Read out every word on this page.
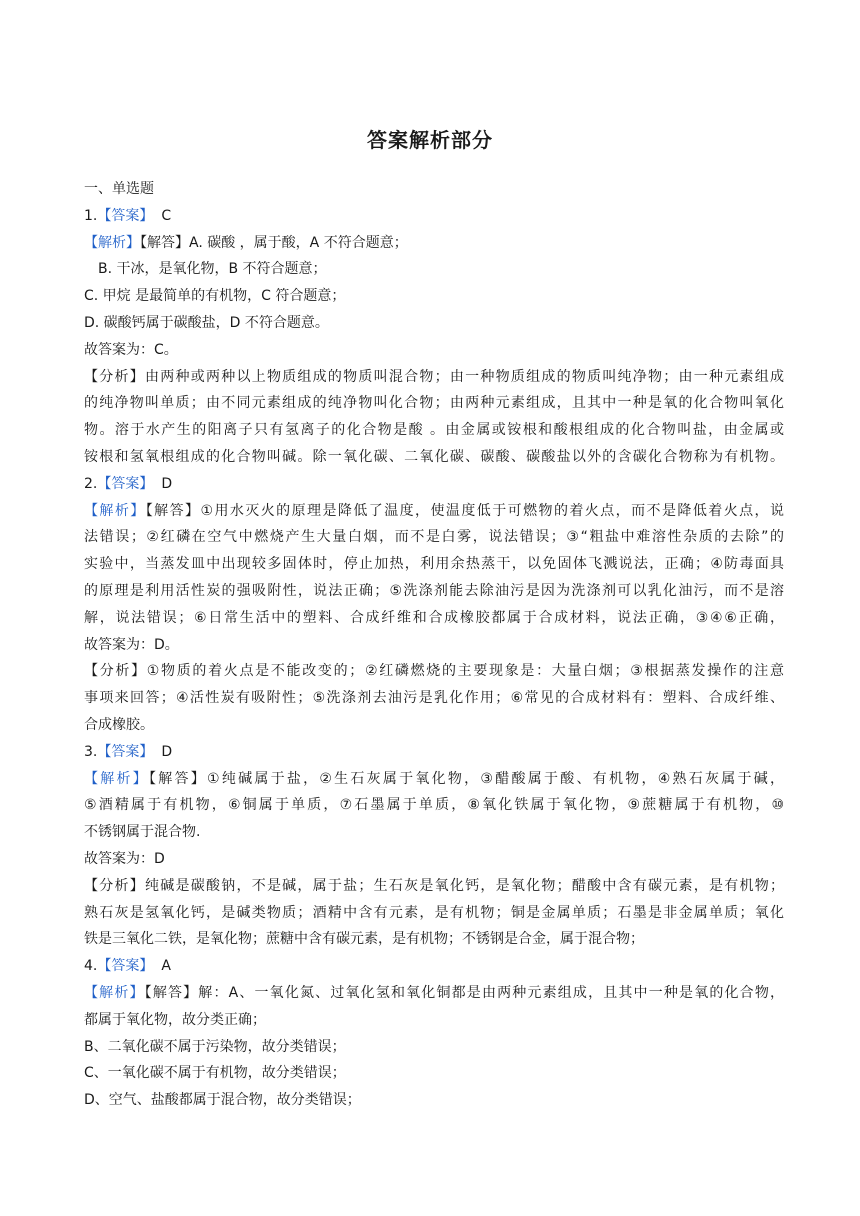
答案解析部分
一、单选题
1.【答案】 C
【解析】【解答】A. 碳酸 ，属于酸，A 不符合题意；
B. 干冰，是氧化物，B 不符合题意；
C. 甲烷 是最简单的有机物，C 符合题意；
D. 碳酸钙属于碳酸盐，D 不符合题意。
故答案为：C。
【分析】由两种或两种以上物质组成的物质叫混合物；由一种物质组成的物质叫纯净物；由一种元素组成
的纯净物叫单质；由不同元素组成的纯净物叫化合物；由两种元素组成，且其中一种是氧的化合物叫氧化
物。溶于水产生的阳离子只有氢离子的化合物是酸 。由金属或铵根和酸根组成的化合物叫盐，由金属或
铵根和氢氧根组成的化合物叫碱。除一氧化碳、二氧化碳、碳酸、碳酸盐以外的含碳化合物称为有机物。
2.【答案】 D
【解析】【解答】①用水灭火的原理是降低了温度，使温度低于可燃物的着火点，而不是降低着火点，说
法错误；②红磷在空气中燃烧产生大量白烟，而不是白雾，说法错误；③“粗盐中难溶性杂质的去除”的
实验中，当蒸发皿中出现较多固体时，停止加热，利用余热蒸干，以免固体飞溅说法，正确；④防毒面具
的原理是利用活性炭的强吸附性，说法正确；⑤洗涤剂能去除油污是因为洗涤剂可以乳化油污，而不是溶
解，说法错误；⑥日常生活中的塑料、合成纤维和合成橡胶都属于合成材料，说法正确，③④⑥正确，
故答案为：D。
【分析】①物质的着火点是不能改变的；②红磷燃烧的主要现象是：大量白烟；③根据蒸发操作的注意
事项来回答；④活性炭有吸附性；⑤洗涤剂去油污是乳化作用；⑥常见的合成材料有：塑料、合成纤维、
合成橡胶。
3.【答案】 D
【解析】【解答】①纯碱属于盐，②生石灰属于氧化物，③醋酸属于酸、有机物，④熟石灰属于碱，
⑤酒精属于有机物，⑥铜属于单质，⑦石墨属于单质，⑧氧化铁属于氧化物，⑨蔗糖属于有机物，⑩
不锈钢属于混合物.
故答案为：D
【分析】纯碱是碳酸钠，不是碱，属于盐；生石灰是氧化钙，是氧化物；醋酸中含有碳元素，是有机物；
熟石灰是氢氧化钙，是碱类物质；酒精中含有元素，是有机物；铜是金属单质；石墨是非金属单质；氧化
铁是三氧化二铁，是氧化物；蔗糖中含有碳元素，是有机物；不锈钢是合金，属于混合物；
4.【答案】 A
【解析】【解答】解：A、一氧化氮、过氧化氢和氧化铜都是由两种元素组成，且其中一种是氧的化合物，
都属于氧化物，故分类正确；
B、二氧化碳不属于污染物，故分类错误；
C、一氧化碳不属于有机物，故分类错误；
D、空气、盐酸都属于混合物，故分类错误；
